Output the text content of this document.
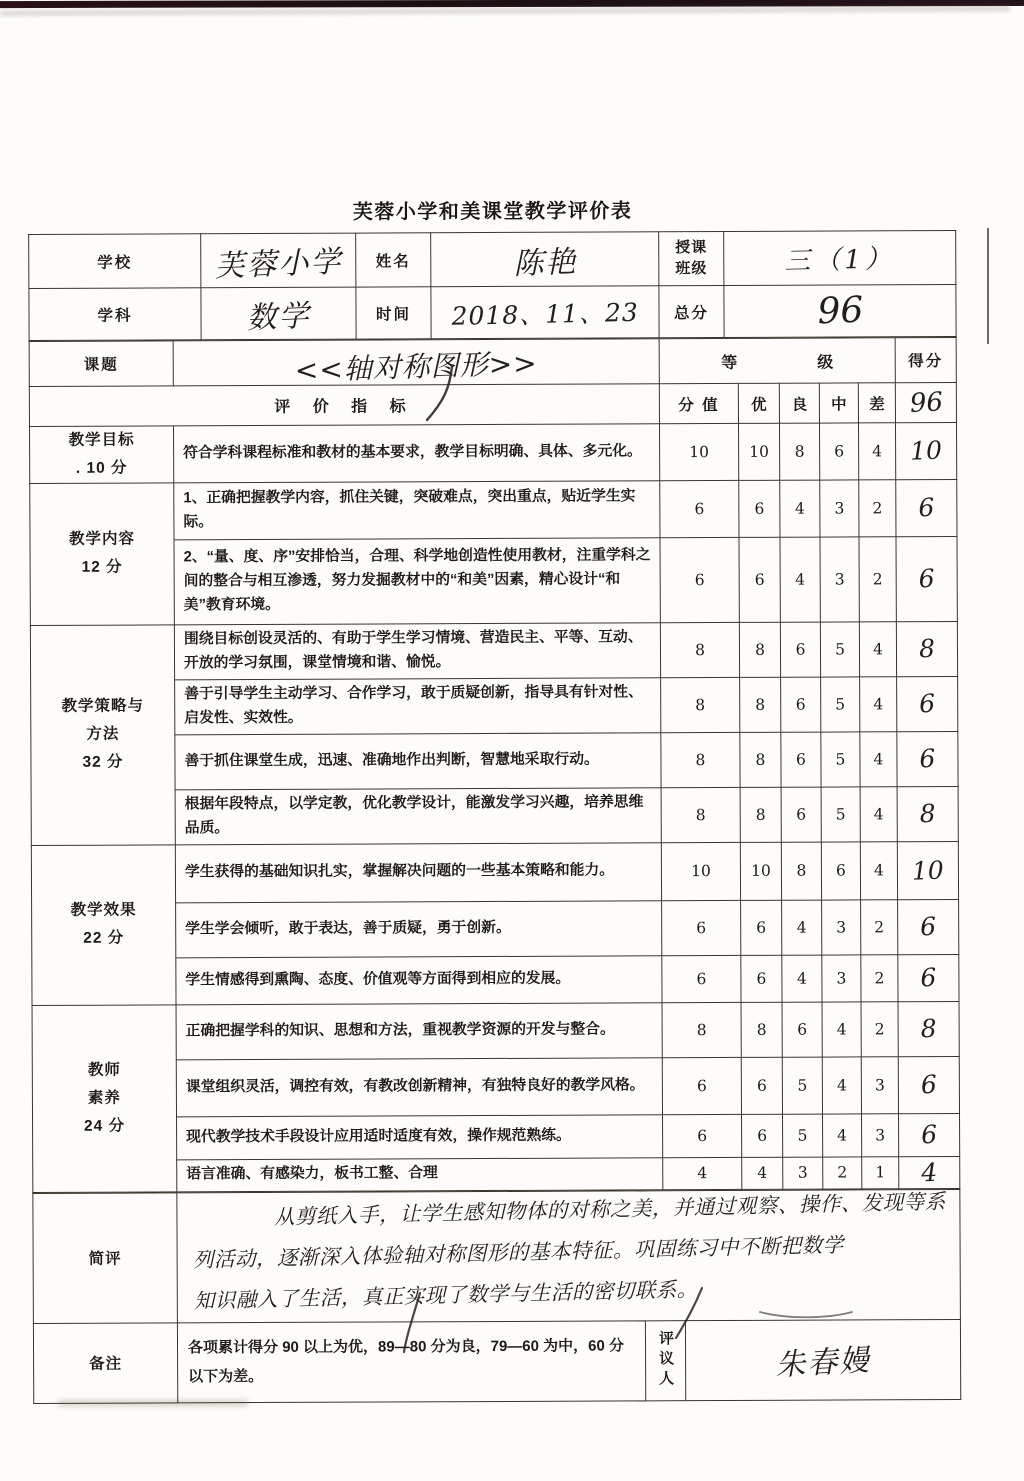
芙蓉小学和美课堂教学评价表
学校	芙蓉小学	姓名	陈艳	授课
班级	三（1）
学科	数学	时间	2018、11、23	总分	96
课题	<<轴对称图形>>	等　　　　　级					得分
评 价 指 标		分 值	优	良	中	差	96
教学目标
. 10 分	符合学科课程标准和教材的基本要求，教学目标明确、具体、多元化。	10	10	8	6	4	10
教学内容
12 分	1、正确把握教学内容，抓住关键，突破难点，突出重点，贴近学生实际。	6	6	4	3	2	6
	2、“量、度、序”安排恰当，合理、科学地创造性使用教材，注重学科之间的整合与相互渗透，努力发掘教材中的“和美”因素，精心设计“和美”教育环境。	6	6	4	3	2	6
教学策略与
方法
32 分	围绕目标创设灵活的、有助于学生学习情境、营造民主、平等、互动、开放的学习氛围，课堂情境和谐、愉悦。	8	8	6	5	4	8
	善于引导学生主动学习、合作学习，敢于质疑创新，指导具有针对性、启发性、实效性。	8	8	6	5	4	6
	善于抓住课堂生成，迅速、准确地作出判断，智慧地采取行动。	8	8	6	5	4	6
	根据年段特点，以学定教，优化教学设计，能激发学习兴趣，培养思维品质。	8	8	6	5	4	8
教学效果
22 分	学生获得的基础知识扎实，掌握解决问题的一些基本策略和能力。	10	10	8	6	4	10
	学生学会倾听，敢于表达，善于质疑，勇于创新。	6	6	4	3	2	6
	学生情感得到熏陶、态度、价值观等方面得到相应的发展。	6	6	4	3	2	6
教师
素养
24 分	正确把握学科的知识、思想和方法，重视教学资源的开发与整合。	8	8	6	4	2	8
	课堂组织灵活，调控有效，有教改创新精神，有独特良好的教学风格。	6	6	5	4	3	6
	现代教学技术手段设计应用适时适度有效，操作规范熟练。	6	6	5	4	3	6
	语言准确、有感染力，板书工整、合理	4	4	3	2	1	4
简评	从剪纸入手，让学生感知物体的对称之美，并通过观察、操作、发现等系
列活动，逐渐深入体验轴对称图形的基本特征。巩固练习中不断把数学
知识融入了生活，真正实现了数学与生活的密切联系。		

备注	各项累计得分 90 以上为优，89—80 分为良，79—60 为中，60 分以下为差。	评议人	朱春嫚
